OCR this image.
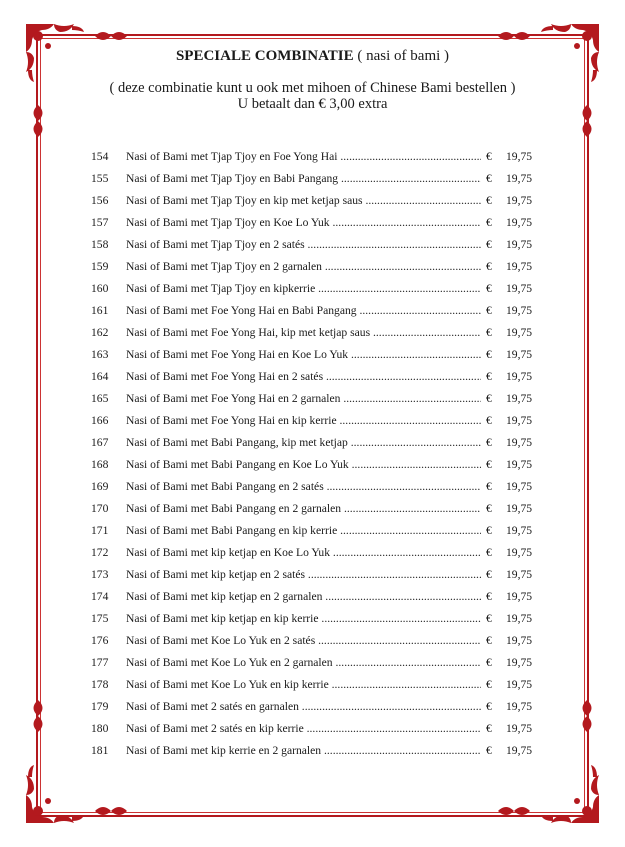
SPECIALE COMBINATIE ( nasi of bami )
( deze combinatie kunt u ook met mihoen of Chinese Bami bestellen )
U betaalt dan € 3,00 extra
154 Nasi of Bami met Tjap Tjoy en Foe Yong Hai .....	€ 19,75
155 Nasi of Bami met Tjap Tjoy en Babi Pangang .....	€ 19,75
156 Nasi of Bami met Tjap Tjoy en kip met ketjap saus .....	€ 19,75
157 Nasi of Bami met Tjap Tjoy en Koe Lo Yuk .....	€ 19,75
158 Nasi of Bami met Tjap Tjoy en 2 satés .....	€ 19,75
159 Nasi of Bami met Tjap Tjoy en 2 garnalen .....	€ 19,75
160 Nasi of Bami met Tjap Tjoy en kipkerrie .....	€ 19,75
161 Nasi of Bami met Foe Yong Hai en Babi Pangang .....	€ 19,75
162 Nasi of Bami met Foe Yong Hai, kip met ketjap saus .....	€ 19,75
163 Nasi of Bami met Foe Yong Hai en Koe Lo Yuk .....	€ 19,75
164 Nasi of Bami met Foe Yong Hai en 2 satés .....	€ 19,75
165 Nasi of Bami met Foe Yong Hai en 2 garnalen .....	€ 19,75
166 Nasi of Bami met Foe Yong Hai en kip kerrie .....	€ 19,75
167 Nasi of Bami met Babi Pangang, kip met ketjap .....	€ 19,75
168 Nasi of Bami met Babi Pangang en Koe Lo Yuk .....	€ 19,75
169 Nasi of Bami met Babi Pangang en 2 satés .....	€ 19,75
170 Nasi of Bami met Babi Pangang en 2 garnalen .....	€ 19,75
171 Nasi of Bami met Babi Pangang en kip kerrie .....	€ 19,75
172 Nasi of Bami met kip ketjap en Koe Lo Yuk .....	€ 19,75
173 Nasi of Bami met kip ketjap en 2 satés .....	€ 19,75
174 Nasi of Bami met kip ketjap en 2 garnalen .....	€ 19,75
175 Nasi of Bami met kip ketjap en kip kerrie .....	€ 19,75
176 Nasi of Bami met Koe Lo Yuk en 2 satés .....	€ 19,75
177 Nasi of Bami met Koe Lo Yuk en 2 garnalen .....	€ 19,75
178 Nasi of Bami met Koe Lo Yuk en kip kerrie .....	€ 19,75
179 Nasi of Bami met 2 satés en garnalen .....	€ 19,75
180 Nasi of Bami met 2 satés en kip kerrie .....	€ 19,75
181 Nasi of Bami met kip kerrie en 2 garnalen .....	€ 19,75
